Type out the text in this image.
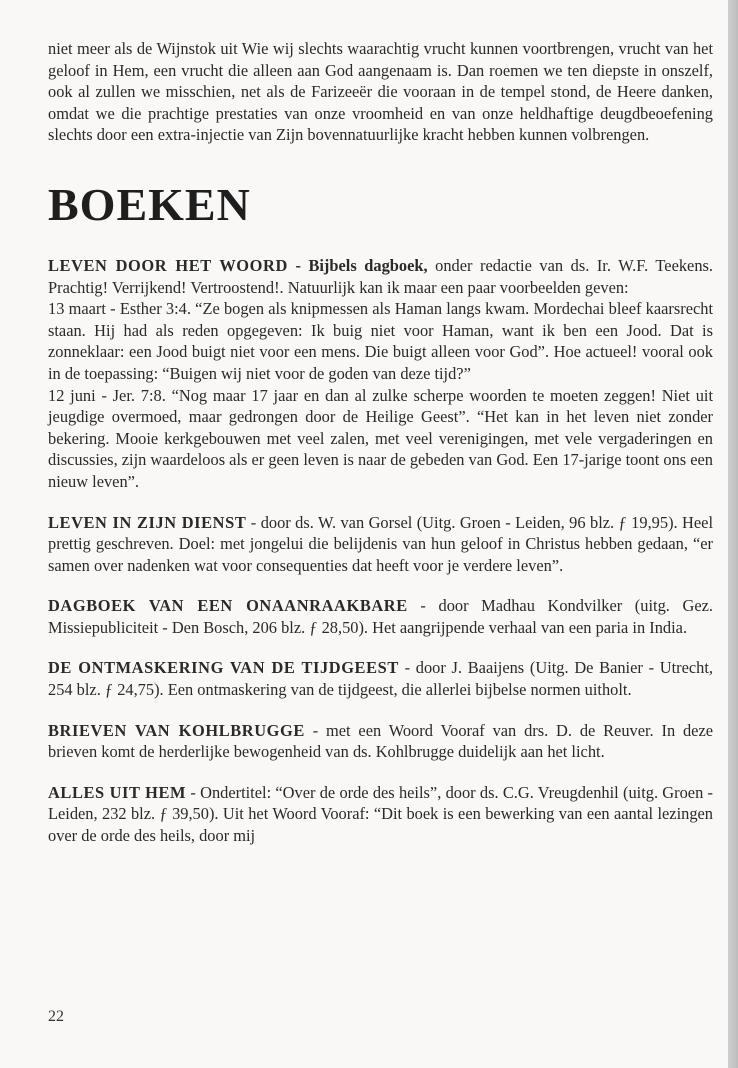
niet meer als de Wijnstok uit Wie wij slechts waarachtig vrucht kunnen voortbrengen, vrucht van het geloof in Hem, een vrucht die alleen aan God aangenaam is. Dan roemen we ten diepste in onszelf, ook al zullen we misschien, net als de Farizeeër die vooraan in de tempel stond, de Heere danken, omdat we die prachtige prestaties van onze vroomheid en van onze heldhaftige deugdbeoefening slechts door een extra-injectie van Zijn bovennatuurlijke kracht hebben kunnen volbrengen.

BOEKEN

LEVEN DOOR HET WOORD - Bijbels dagboek, onder redactie van ds. Ir. W.F. Teekens. Prachtig! Verrijkend! Vertroostend!. Natuurlijk kan ik maar een paar voorbeelden geven:
13 maart - Esther 3:4. “Ze bogen als knipmessen als Haman langs kwam. Mordechai bleef kaarsrecht staan. Hij had als reden opgegeven: Ik buig niet voor Haman, want ik ben een Jood. Dat is zonneklaar: een Jood buigt niet voor een mens. Die buigt alleen voor God”. Hoe actueel! vooral ook in de toepassing: “Buigen wij niet voor de goden van deze tijd?”
12 juni - Jer. 7:8. “Nog maar 17 jaar en dan al zulke scherpe woorden te moeten zeggen! Niet uit jeugdige overmoed, maar gedrongen door de Heilige Geest”. “Het kan in het leven niet zonder bekering. Mooie kerkgebouwen met veel zalen, met veel verenigingen, met vele vergaderingen en discussies, zijn waardeloos als er geen leven is naar de gebeden van God. Een 17-jarige toont ons een nieuw leven”.

LEVEN IN ZIJN DIENST - door ds. W. van Gorsel (Uitg. Groen - Leiden, 96 blz. ƒ 19,95). Heel prettig geschreven. Doel: met jongelui die belijdenis van hun geloof in Christus hebben gedaan, “er samen over nadenken wat voor consequenties dat heeft voor je verdere leven”.

DAGBOEK VAN EEN ONAANRAAKBARE - door Madhau Kondvilker (uitg. Gez. Missiepubliciteit - Den Bosch, 206 blz. ƒ 28,50). Het aangrijpende verhaal van een paria in India.

DE ONTMASKERING VAN DE TIJDGEEST - door J. Baaijens (Uitg. De Banier - Utrecht, 254 blz. ƒ 24,75). Een ontmaskering van de tijdgeest, die allerlei bijbelse normen uitholt.

BRIEVEN VAN KOHLBRUGGE - met een Woord Vooraf van drs. D. de Reuver. In deze brieven komt de herderlijke bewogenheid van ds. Kohlbrugge duidelijk aan het licht.

ALLES UIT HEM - Ondertitel: “Over de orde des heils”, door ds. C.G. Vreugdenhil (uitg. Groen - Leiden, 232 blz. ƒ 39,50). Uit het Woord Vooraf: “Dit boek is een bewerking van een aantal lezingen over de orde des heils, door mij

22
